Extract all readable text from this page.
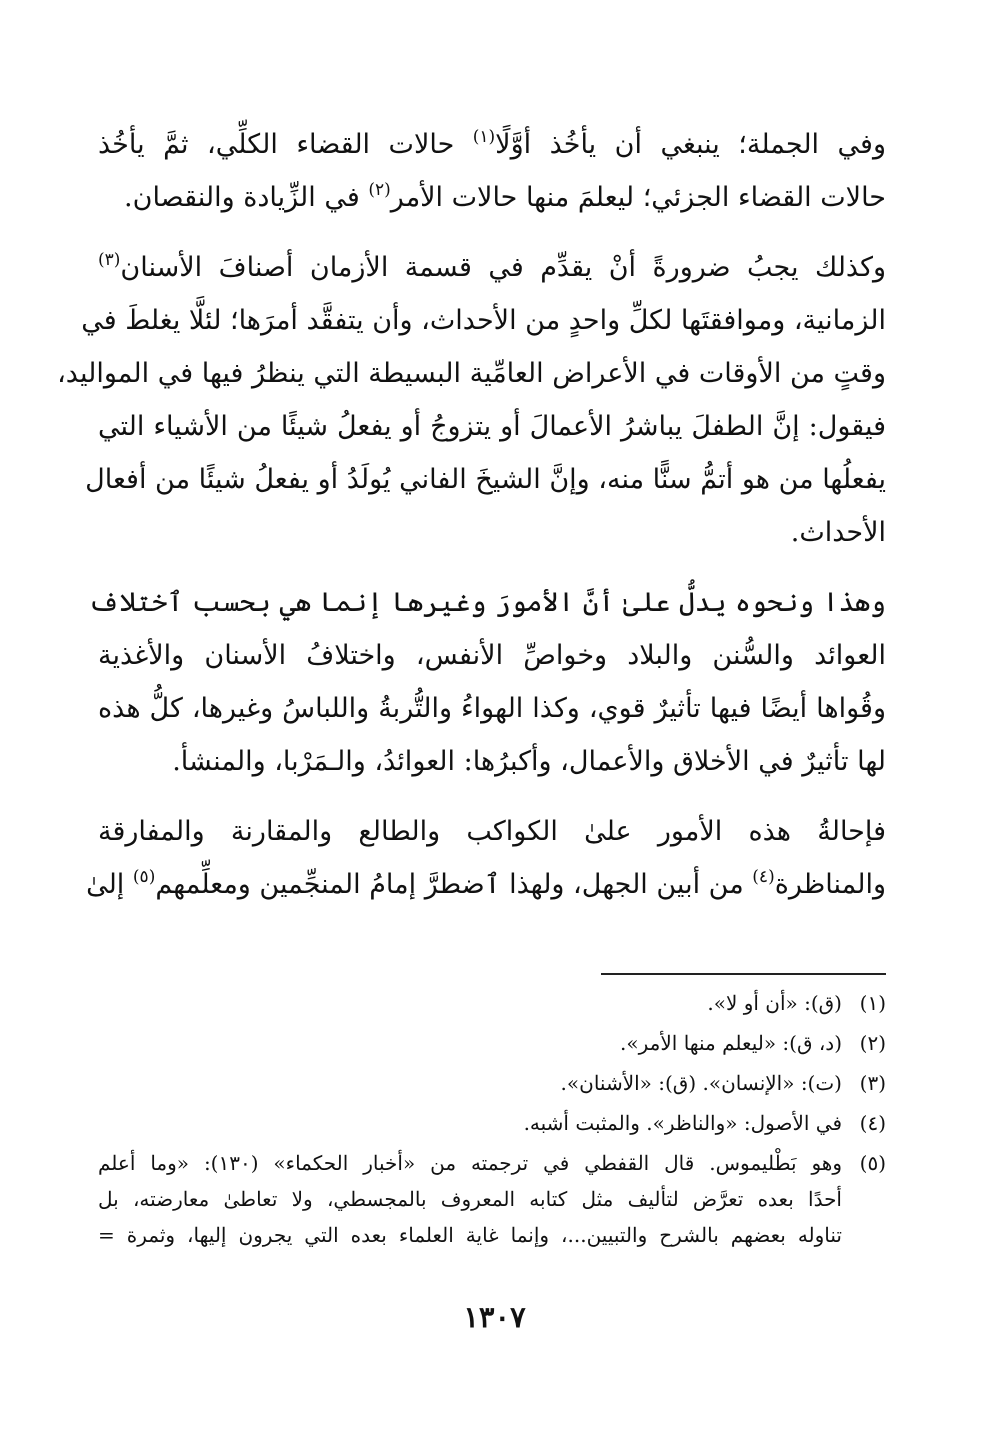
وفي الجملة؛ ينبغي أن يأخُذ أوَّلًا$^{(١)}$ حالات القضاء الكلِّي، ثمَّ يأخُذ
حالات القضاء الجزئي؛ ليعلمَ منها حالات الأمر$^{(٢)}$ في الزِّيادة والنقصان.

وكذلك يجبُ ضرورةً أنْ يقدِّم في قسمة الأزمان أصنافَ الأسنان$^{(٣)}$
الزمانية، وموافقتَها لكلِّ واحدٍ من الأحداث، وأن يتفقَّد أمرَها؛ لئلَّا يغلطَ في
وقتٍ من الأوقات في الأعراض العامِّية البسيطة التي ينظرُ فيها في المواليد،
فيقول: إنَّ الطفلَ يباشرُ الأعمالَ أو يتزوجُ أو يفعلُ شيئًا من الأشياء التي
يفعلُها من هو أتمُّ سنًّا منه، وإنَّ الشيخَ الفاني يُولَدُ أو يفعلُ شيئًا من أفعال
الأحداث.

وهذا ونحوه يدلُّ علىٰ أنَّ الأمورَ وغيرها إنما هي بحسب ٱختلاف
العوائد والسُّنن والبلاد وخواصِّ الأنفس، واختلافُ الأسنان والأغذية
وقُواها أيضًا فيها تأثيرٌ قوي، وكذا الهواءُ والتُّربةُ واللباسُ وغيرها، كلُّ هذه
لها تأثيرٌ في الأخلاق والأعمال، وأكبرُها: العوائدُ، والـمَرْبا، والمنشأ.

فإحالةُ هذه الأمور علىٰ الكواكب والطالع والمقارنة والمفارقة
والمناظرة$^{(٤)}$ من أبين الجهل، ولهذا ٱضطرَّ إمامُ المنجِّمين ومعلِّمهم$^{(٥)}$ إلىٰ

(١)
(ق): «أن أو لا».
(٢)
(د، ق): «ليعلم منها الأمر».
(٣)
(ت): «الإنسان». (ق): «الأشنان».
(٤)
في الأصول: «والناظر». والمثبت أشبه.
(٥)
وهو بَطْليموس. قال القفطي في ترجمته من «أخبار الحكماء» (١٣٠): «وما أعلم
أحدًا بعده تعرَّض لتأليف مثل كتابه المعروف بالمجسطي، ولا تعاطىٰ معارضته، بل
تناوله بعضهم بالشرح والتبيين...، وإنما غاية العلماء بعده التي يجرون إليها، وثمرة =
١٣٠٧
